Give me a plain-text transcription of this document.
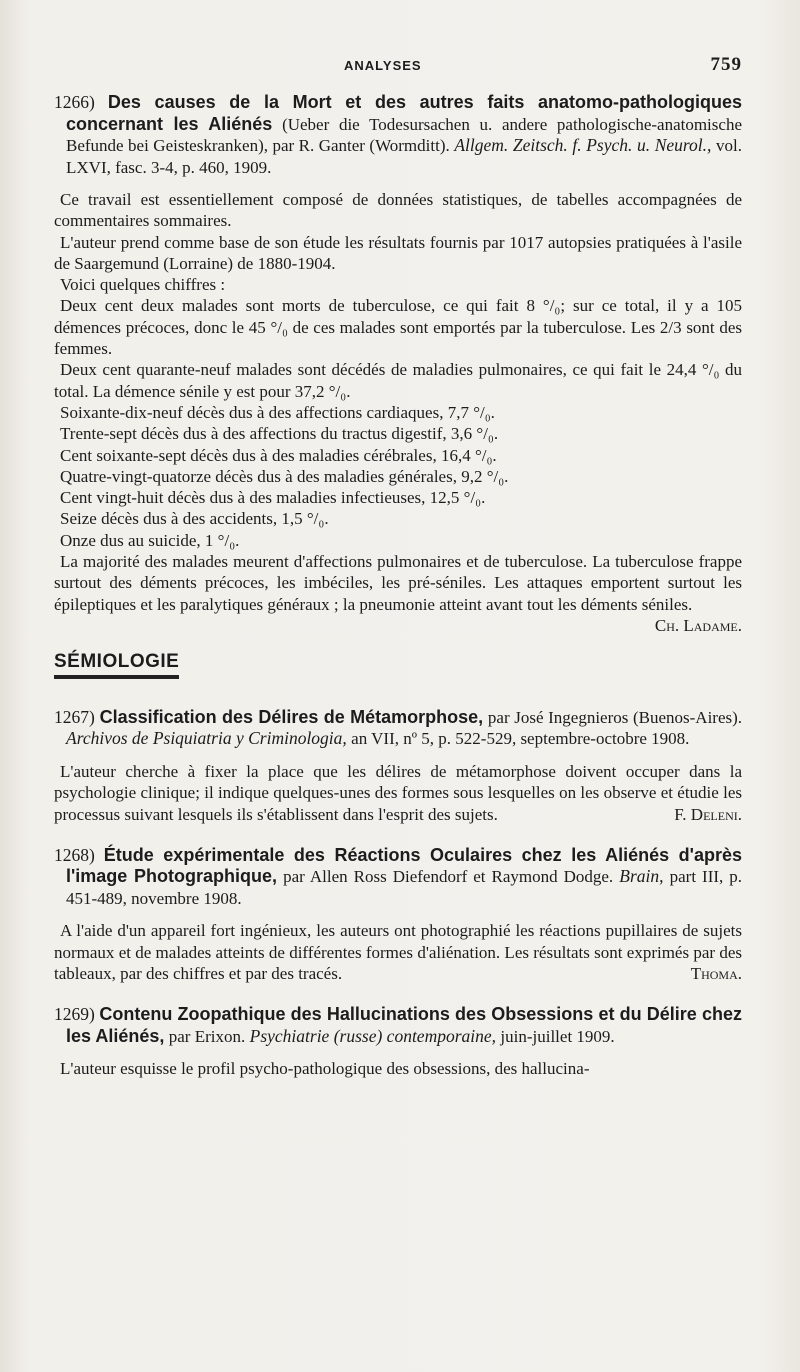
ANALYSES	759
1266) Des causes de la Mort et des autres faits anatomo-pathologiques concernant les Aliénés (Ueber die Todesursachen u. andere pathologische-anatomische Befunde bei Geisteskranken), par R. Ganter (Wormditt). Allgem. Zeitsch. f. Psych. u. Neurol., vol. LXVI, fasc. 3-4, p. 460, 1909.

Ce travail est essentiellement composé de données statistiques, de tabelles accompagnées de commentaires sommaires.

L'auteur prend comme base de son étude les résultats fournis par 1017 autopsies pratiquées à l'asile de Saargemund (Lorraine) de 1880-1904.

Voici quelques chiffres :

Deux cent deux malades sont morts de tuberculose, ce qui fait 8 °/₀; sur ce total, il y a 105 démences précoces, donc le 45 °/₀ de ces malades sont emportés par la tuberculose. Les 2/3 sont des femmes.

Deux cent quarante-neuf malades sont décédés de maladies pulmonaires, ce qui fait le 24,4 °/₀ du total. La démence sénile y est pour 37,2 °/₀.

Soixante-dix-neuf décès dus à des affections cardiaques, 7,7 °/₀.

Trente-sept décès dus à des affections du tractus digestif, 3,6 °/₀.

Cent soixante-sept décès dus à des maladies cérébrales, 16,4 °/₀.

Quatre-vingt-quatorze décès dus à des maladies générales, 9,2 °/₀.

Cent vingt-huit décès dus à des maladies infectieuses, 12,5 °/₀.

Seize décès dus à des accidents, 1,5 °/₀.

Onze dus au suicide, 1 °/₀.

La majorité des malades meurent d'affections pulmonaires et de tuberculose. La tuberculose frappe surtout des déments précoces, les imbéciles, les pré-séniles. Les attaques emportent surtout les épileptiques et les paralytiques généraux ; la pneumonie atteint avant tout les déments séniles.
Ch. Ladame.

SÉMIOLOGIE
1267) Classification des Délires de Métamorphose, par José Ingegnieros (Buenos-Aires). Archivos de Psiquiatria y Criminologia, an VII, nº 5, p. 522-529, septembre-octobre 1908.

L'auteur cherche à fixer la place que les délires de métamorphose doivent occuper dans la psychologie clinique; il indique quelques-unes des formes sous lesquelles on les observe et étudie les processus suivant lesquels ils s'établissent dans l'esprit des sujets.	F. Deleni.

1268) Étude expérimentale des Réactions Oculaires chez les Aliénés d'après l'image Photographique, par Allen Ross Diefendorf et Raymond Dodge. Brain, part III, p. 451-489, novembre 1908.

A l'aide d'un appareil fort ingénieux, les auteurs ont photographié les réactions pupillaires de sujets normaux et de malades atteints de différentes formes d'aliénation. Les résultats sont exprimés par des tableaux, par des chiffres et par des tracés.	Thoma.

1269) Contenu Zoopathique des Hallucinations des Obsessions et du Délire chez les Aliénés, par Erixon. Psychiatrie (russe) contemporaine, juin-juillet 1909.

L'auteur esquisse le profil psycho-pathologique des obsessions, des hallucina-
